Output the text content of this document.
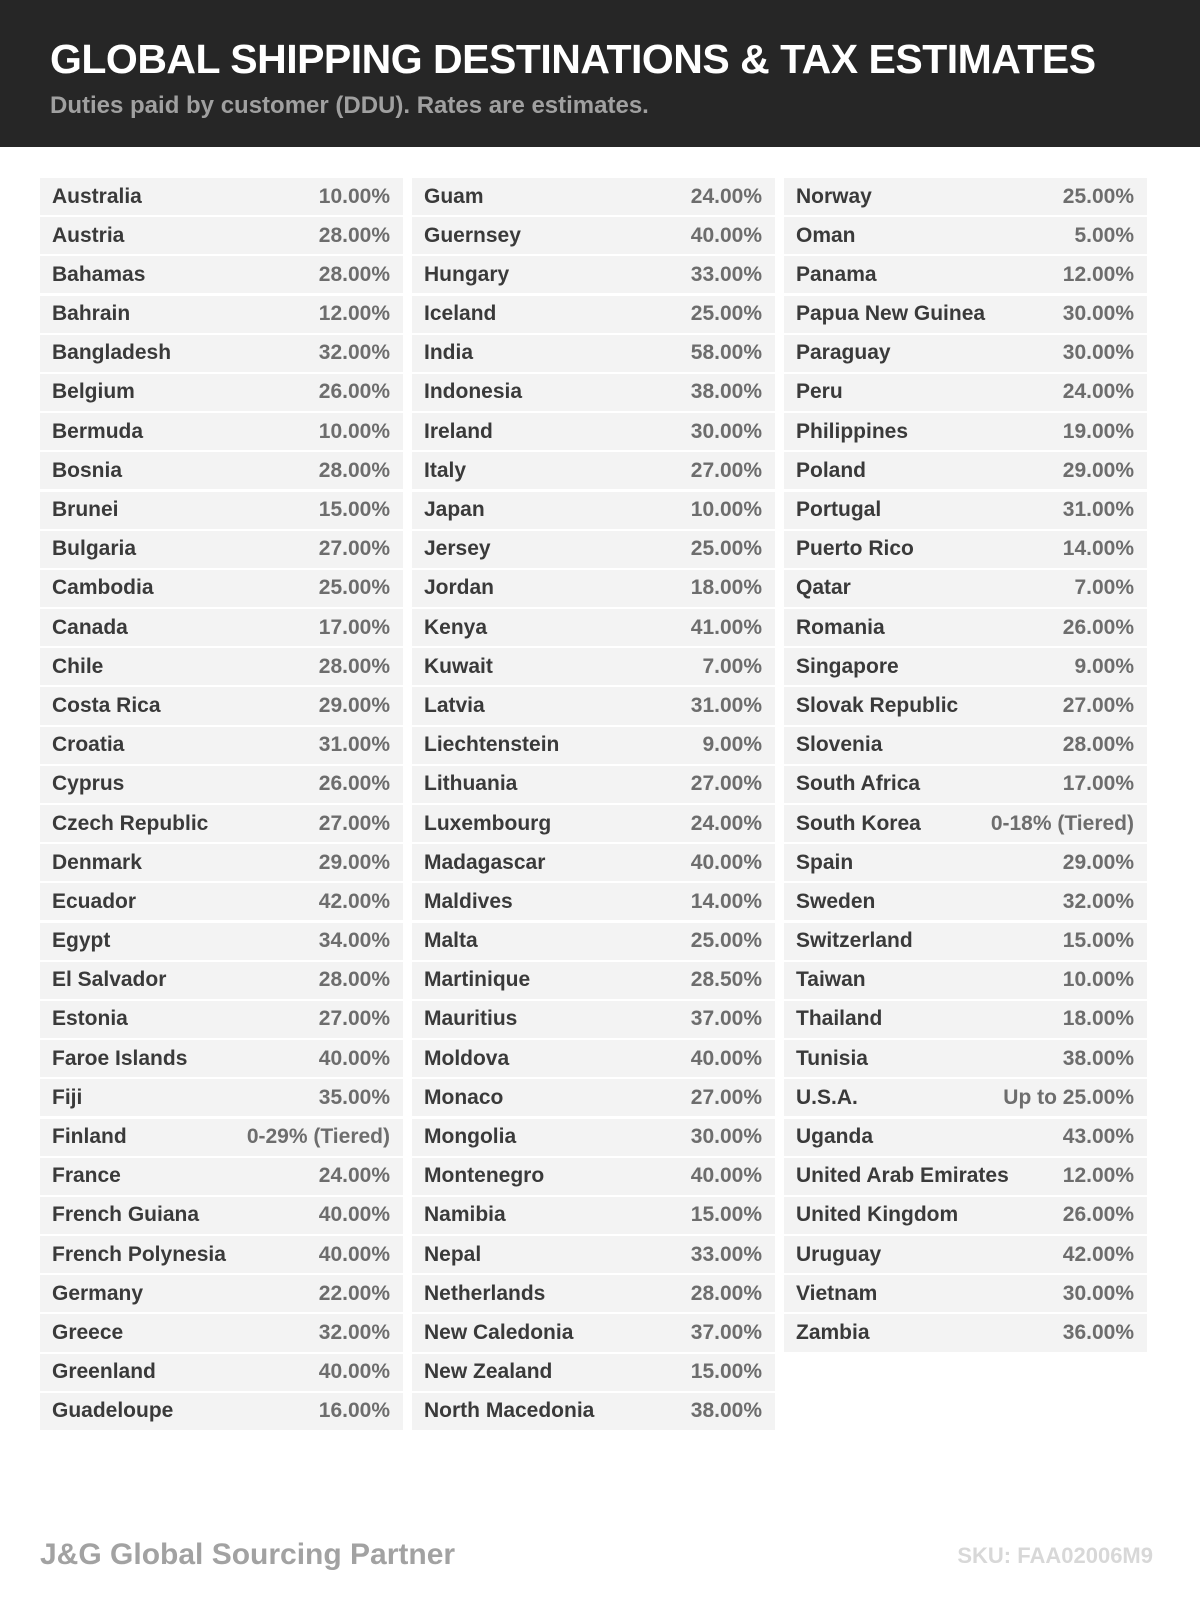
GLOBAL SHIPPING DESTINATIONS & TAX ESTIMATES
Duties paid by customer (DDU). Rates are estimates.
Australia	10.00%
Austria	28.00%
Bahamas	28.00%
Bahrain	12.00%
Bangladesh	32.00%
Belgium	26.00%
Bermuda	10.00%
Bosnia	28.00%
Brunei	15.00%
Bulgaria	27.00%
Cambodia	25.00%
Canada	17.00%
Chile	28.00%
Costa Rica	29.00%
Croatia	31.00%
Cyprus	26.00%
Czech Republic	27.00%
Denmark	29.00%
Ecuador	42.00%
Egypt	34.00%
El Salvador	28.00%
Estonia	27.00%
Faroe Islands	40.00%
Fiji	35.00%
Finland	0-29% (Tiered)
France	24.00%
French Guiana	40.00%
French Polynesia	40.00%
Germany	22.00%
Greece	32.00%
Greenland	40.00%
Guadeloupe	16.00%
Guam	24.00%
Guernsey	40.00%
Hungary	33.00%
Iceland	25.00%
India	58.00%
Indonesia	38.00%
Ireland	30.00%
Italy	27.00%
Japan	10.00%
Jersey	25.00%
Jordan	18.00%
Kenya	41.00%
Kuwait	7.00%
Latvia	31.00%
Liechtenstein	9.00%
Lithuania	27.00%
Luxembourg	24.00%
Madagascar	40.00%
Maldives	14.00%
Malta	25.00%
Martinique	28.50%
Mauritius	37.00%
Moldova	40.00%
Monaco	27.00%
Mongolia	30.00%
Montenegro	40.00%
Namibia	15.00%
Nepal	33.00%
Netherlands	28.00%
New Caledonia	37.00%
New Zealand	15.00%
North Macedonia	38.00%
Norway	25.00%
Oman	5.00%
Panama	12.00%
Papua New Guinea	30.00%
Paraguay	30.00%
Peru	24.00%
Philippines	19.00%
Poland	29.00%
Portugal	31.00%
Puerto Rico	14.00%
Qatar	7.00%
Romania	26.00%
Singapore	9.00%
Slovak Republic	27.00%
Slovenia	28.00%
South Africa	17.00%
South Korea	0-18% (Tiered)
Spain	29.00%
Sweden	32.00%
Switzerland	15.00%
Taiwan	10.00%
Thailand	18.00%
Tunisia	38.00%
U.S.A.	Up to 25.00%
Uganda	43.00%
United Arab Emirates	12.00%
United Kingdom	26.00%
Uruguay	42.00%
Vietnam	30.00%
Zambia	36.00%
J&G Global Sourcing Partner	SKU: FAA02006M9
